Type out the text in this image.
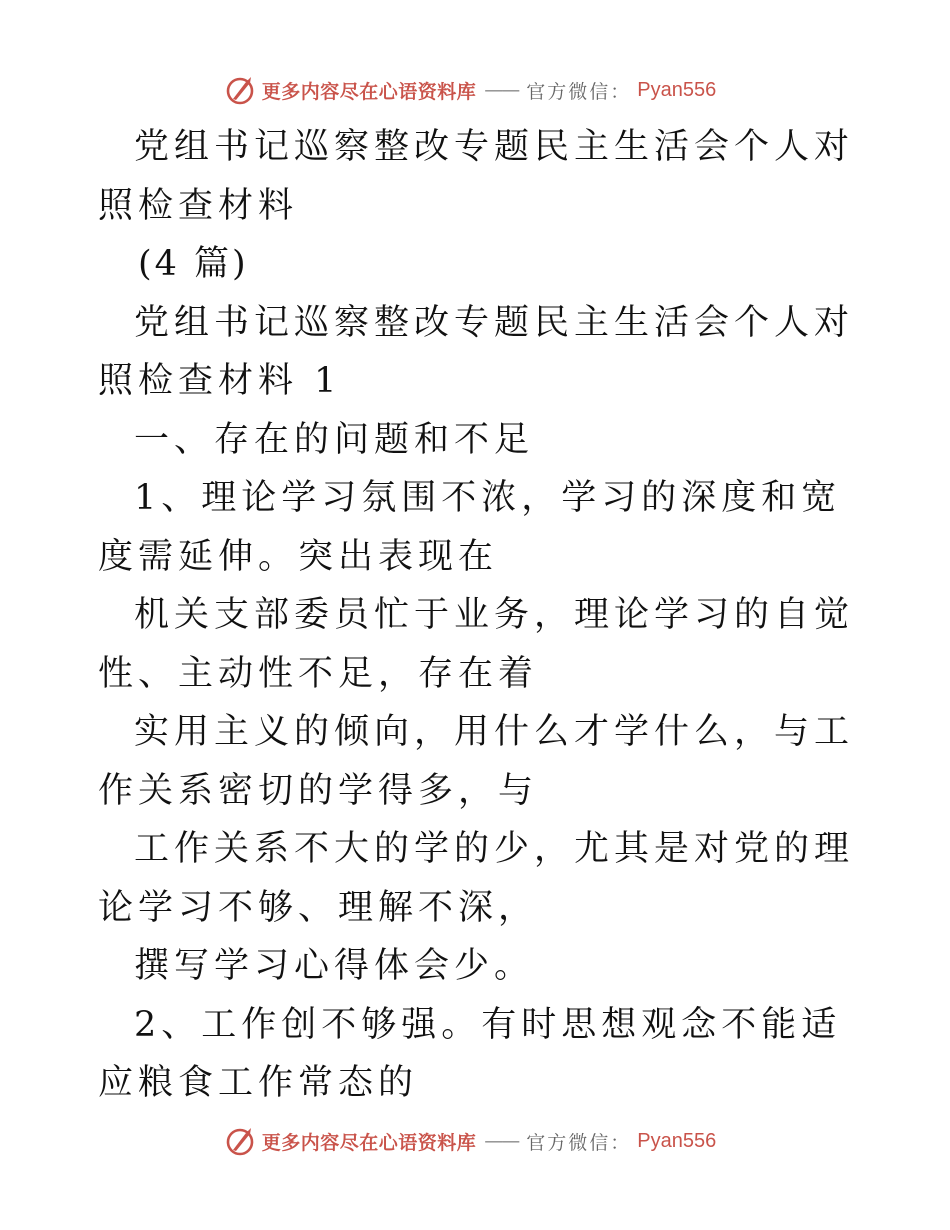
更多内容尽在心语资料库 —— 官方微信： Pyan556

党组书记巡察整改专题民主生活会个人对照检查材料

(4 篇)

党组书记巡察整改专题民主生活会个人对照检查材料 1

一、存在的问题和不足

1、理论学习氛围不浓，学习的深度和宽度需延伸。突出表现在

机关支部委员忙于业务，理论学习的自觉性、主动性不足，存在着

实用主义的倾向，用什么才学什么，与工作关系密切的学得多，与

工作关系不大的学的少，尤其是对党的理论学习不够、理解不深，

撰写学习心得体会少。

2、工作创不够强。有时思想观念不能适应粮食工作常态的

更多内容尽在心语资料库 —— 官方微信： Pyan556
